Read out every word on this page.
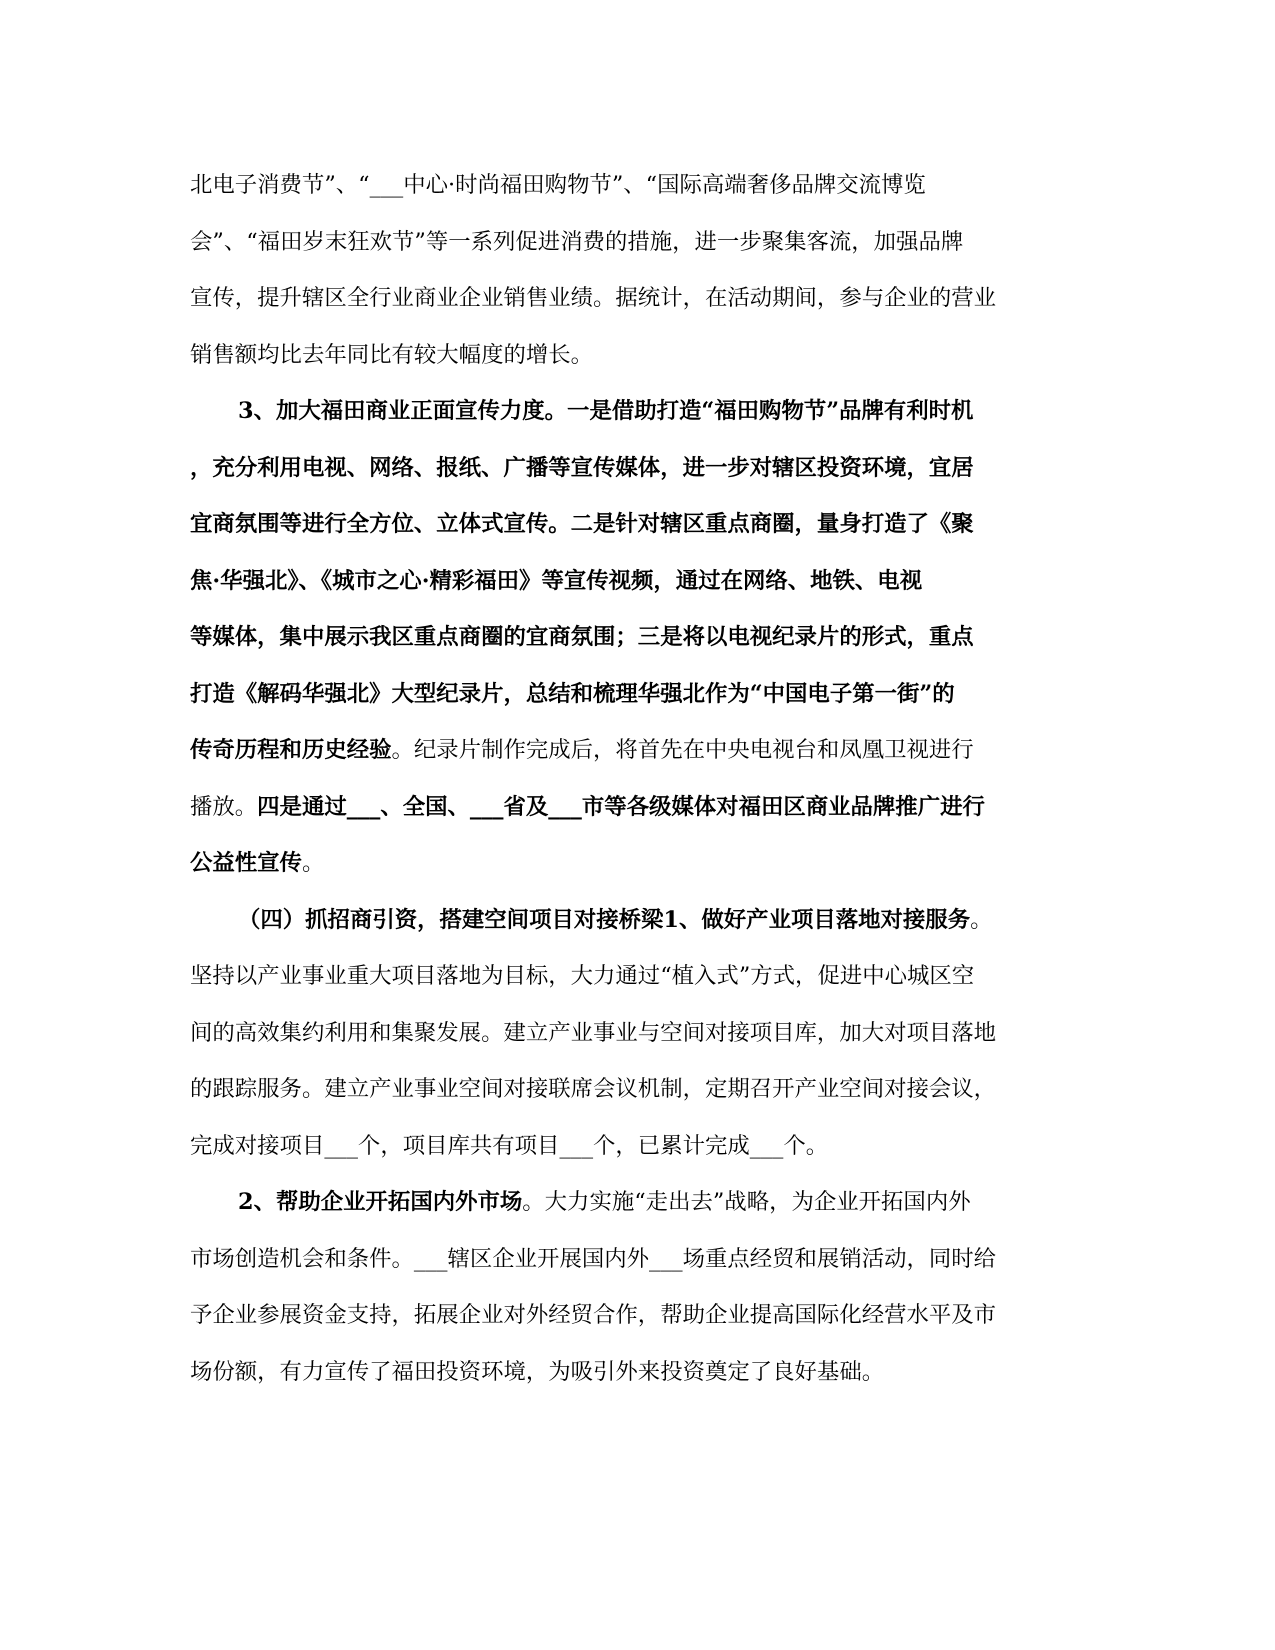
北电子消费节”、“___中心·时尚福田购物节”、“国际高端奢侈品牌交流博览

会”、“福田岁末狂欢节”等一系列促进消费的措施，进一步聚集客流，加强品牌

宣传，提升辖区全行业商业企业销售业绩。据统计，在活动期间，参与企业的营业

销售额均比去年同比有较大幅度的增长。

3、加大福田商业正面宣传力度。一是借助打造“福田购物节”品牌有利时机

，充分利用电视、网络、报纸、广播等宣传媒体，进一步对辖区投资环境，宜居

宜商氛围等进行全方位、立体式宣传。二是针对辖区重点商圈，量身打造了《聚

焦·华强北》、《城市之心·精彩福田》等宣传视频，通过在网络、地铁、电视

等媒体，集中展示我区重点商圈的宜商氛围；三是将以电视纪录片的形式，重点

打造《解码华强北》大型纪录片，总结和梳理华强北作为“中国电子第一街”的

传奇历程和历史经验。纪录片制作完成后，将首先在中央电视台和凤凰卫视进行

播放。四是通过___、全国、___省及___市等各级媒体对福田区商业品牌推广进行

公益性宣传。

（四）抓招商引资，搭建空间项目对接桥梁1、做好产业项目落地对接服务。

坚持以产业事业重大项目落地为目标，大力通过“植入式”方式，促进中心城区空

间的高效集约利用和集聚发展。建立产业事业与空间对接项目库，加大对项目落地

的跟踪服务。建立产业事业空间对接联席会议机制，定期召开产业空间对接会议，

完成对接项目___个，项目库共有项目___个，已累计完成___个。

2、帮助企业开拓国内外市场。大力实施“走出去”战略，为企业开拓国内外

市场创造机会和条件。___辖区企业开展国内外___场重点经贸和展销活动，同时给

予企业参展资金支持，拓展企业对外经贸合作，帮助企业提高国际化经营水平及市

场份额，有力宣传了福田投资环境，为吸引外来投资奠定了良好基础。
